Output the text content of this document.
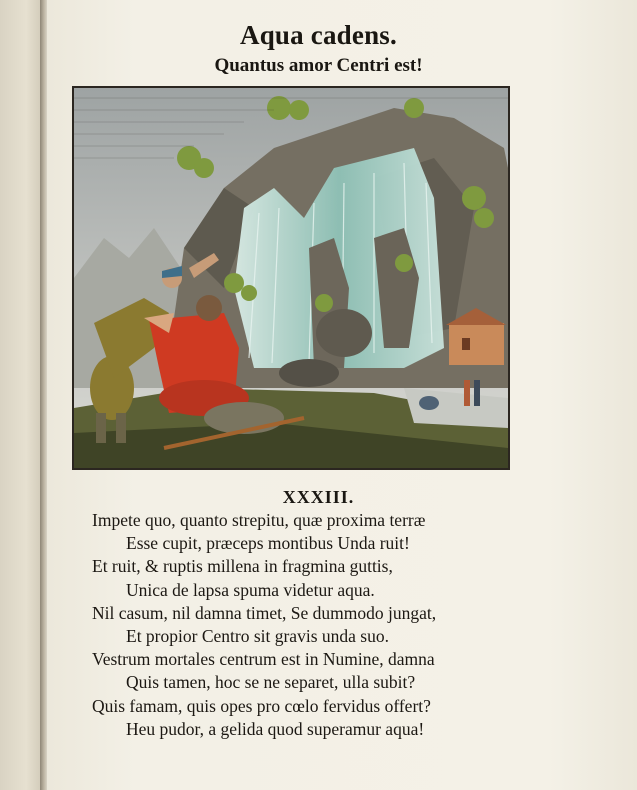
Aqua cadens.
Quantus amor Centri est!
XXXIII.
Impete quo, quanto strepitu, quæ proxima terræ
Esse cupit, præceps montibus Unda ruit!
Et ruit, & ruptis millena in fragmina guttis,
Unica de lapsa spuma videtur aqua.
Nil casum, nil damna timet, Se dummodo jungat,
Et propior Centro sit gravis unda suo.
Vestrum mortales centrum est in Numine, damna
Quis tamen, hoc se ne separet, ulla subit?
Quis famam, quis opes pro cœlo fervidus offert?
Heu pudor, a gelida quod superamur aqua!
